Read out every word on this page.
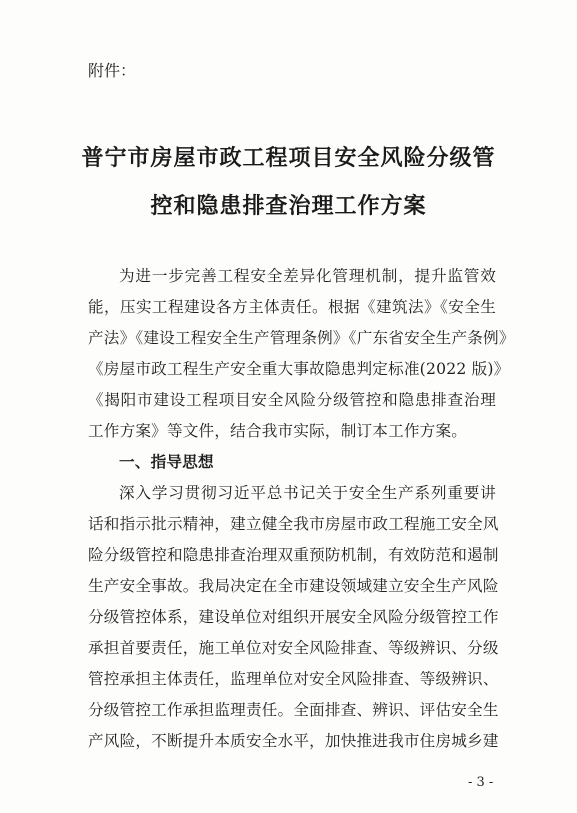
附件：
普宁市房屋市政工程项目安全风险分级管
控和隐患排查治理工作方案
为进一步完善工程安全差异化管理机制，提升监管效
能，压实工程建设各方主体责任。根据《建筑法》《安全生
产法》《建设工程安全生产管理条例》《广东省安全生产条例》
《房屋市政工程生产安全重大事故隐患判定标准(2022 版)》
《揭阳市建设工程项目安全风险分级管控和隐患排查治理
工作方案》等文件，结合我市实际，制订本工作方案。
一、指导思想
深入学习贯彻习近平总书记关于安全生产系列重要讲
话和指示批示精神，建立健全我市房屋市政工程施工安全风
险分级管控和隐患排查治理双重预防机制，有效防范和遏制
生产安全事故。我局决定在全市建设领域建立安全生产风险
分级管控体系，建设单位对组织开展安全风险分级管控工作
承担首要责任，施工单位对安全风险排查、等级辨识、分级
管控承担主体责任，监理单位对安全风险排查、等级辨识、
分级管控工作承担监理责任。全面排查、辨识、评估安全生
产风险，不断提升本质安全水平，加快推进我市住房城乡建
- 3 -
